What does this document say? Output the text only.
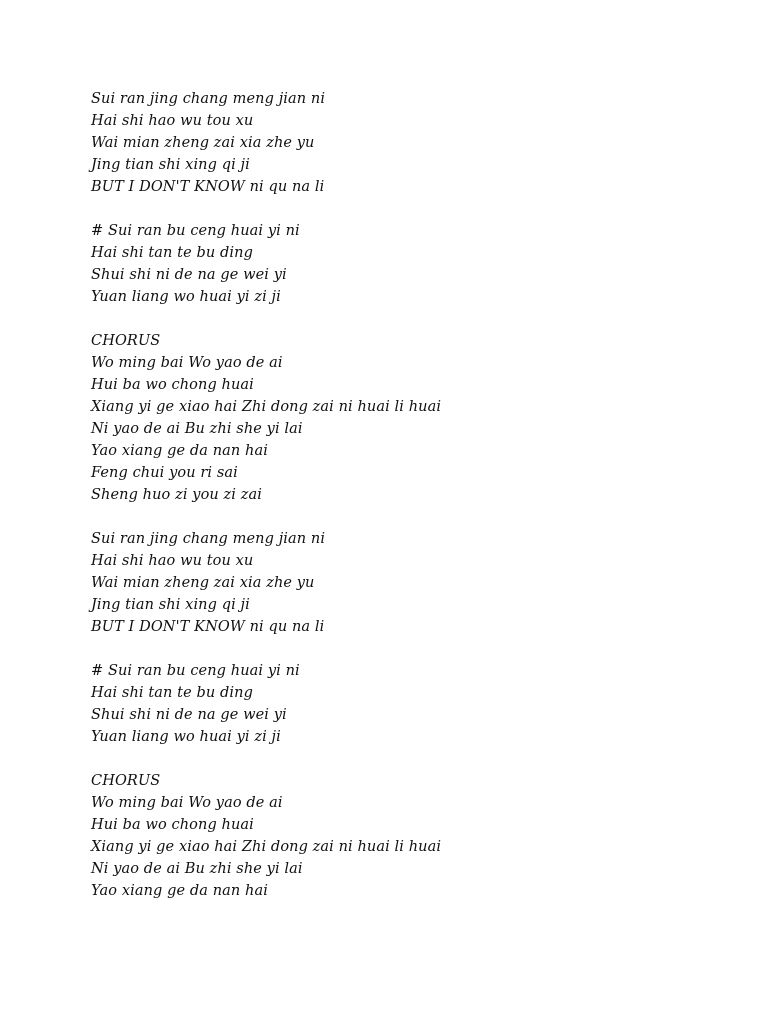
Sui ran jing chang meng jian ni
Hai shi hao wu tou xu
Wai mian zheng zai xia zhe yu
Jing tian shi xing qi ji
BUT I DON'T KNOW ni qu na li
# Sui ran bu ceng huai yi ni
Hai shi tan te bu ding
Shui shi ni de na ge wei yi
Yuan liang wo huai yi zi ji
CHORUS
Wo ming bai Wo yao de ai
Hui ba wo chong huai
Xiang yi ge xiao hai Zhi dong zai ni huai li huai
Ni yao de ai Bu zhi she yi lai
Yao xiang ge da nan hai
Feng chui you ri sai
Sheng huo zi you zi zai
Sui ran jing chang meng jian ni
Hai shi hao wu tou xu
Wai mian zheng zai xia zhe yu
Jing tian shi xing qi ji
BUT I DON'T KNOW ni qu na li
# Sui ran bu ceng huai yi ni
Hai shi tan te bu ding
Shui shi ni de na ge wei yi
Yuan liang wo huai yi zi ji
CHORUS
Wo ming bai Wo yao de ai
Hui ba wo chong huai
Xiang yi ge xiao hai Zhi dong zai ni huai li huai
Ni yao de ai Bu zhi she yi lai
Yao xiang ge da nan hai
